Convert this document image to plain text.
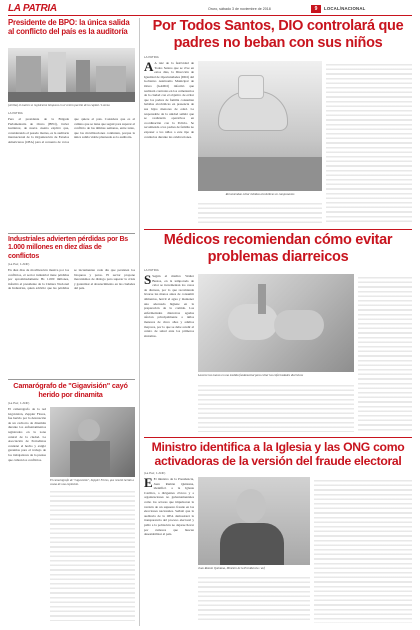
LA PATRIA	Oruro, sábado 3 de noviembre de 2018	9	LOCAL/NACIONAL
Presidente de BPO: la única salida al conflicto del país es la auditoría
(Arriba) el martes se registraron bloqueos en el centro paceño de la capital / Lorena
LA PATRIA
Pero el presidente de la Brigada Parlamentaria de Oruro (BPO), Javier Gutiérrez, de nueva cuenta explicó que, considerando el pasado martes, es la auditoría internacional de la Organización de Estados Americanos (OEA) para el recuento de votos que quiere el país. Considera que es el camino que se tiene que seguir para superar el conflicto de las últimas semanas, entre tanto, que las movilizaciones continúan, porque la única salida viable planteada es la auditoría.
Industriales advierten pérdidas por Bs 1.000 millones en diez días de conflictos
(La Paz, 1 ANF)
En diez días de movilización masiva por los conflictos, el sector industrial tiene pérdidas por aproximadamente Bs 1.000 millones, informó el presidente de la Cámara Nacional de Industrias, quien advirtió que las pérdidas se incrementan cada día que persisten los bloqueos y paros. El sector propone mecanismos de diálogo para superar la crisis y garantizar el abastecimiento en las ciudades del país.
Camarógrafo de "Gigavisión" cayó herido por dinamita
(La Paz, 1 ANF)
El camarógrafo de la red Gigavisión, Zeppler Flores, fue herido por la detonación de un cachorro de dinamita durante los enfrentamientos registrados en la zona central de la ciudad. La Asociación de Periodistas condenó el hecho y exigió garantías para el trabajo de los trabajadores de la prensa que cubren los conflictos.
El camarógrafo de "Gigavisión", Zeppler Flores, que resultó herido a causa de una explosión.
Por Todos Santos, DIO controlará que padres no beban con sus niños
LA PATRIA
A A raíz de la festividad de Todos Santos que se vive en estos días, la Dirección de Igualdad de Oportunidades (DIO) del Gobierno Autónomo Municipal de Oruro (GAMO) informó que realizará controles en los cementerios de la ciudad con el objetivo de evitar que los padres de familia consuman bebidas alcohólicas en presencia de sus hijos menores de edad. La responsable de la unidad señaló que se realizarán operativos en coordinación con la Policía. Se recomienda a los padres de familia no exponer a los niños a este tipo de conductas durante las celebraciones.
Recomiendan evitar bebidas alcohólicas en camposantos
Médicos recomiendan cómo evitar problemas diarreicos
LA PATRIA
S Según el médico Walter Bustos, en la temporada de calor se incrementan los casos de diarreas, por lo que recomienda lavarse las manos antes de consumir alimentos, hervir el agua y mantener una adecuada higiene en la preparación de la comida. Las enfermedades diarreicas agudas afectan principalmente a niños menores de cinco años y adultos mayores, por lo que se debe acudir al centro de salud ante los primeros síntomas.
Lavarse las manos es una medida fundamental para evitar las enfermedades diarreicas
Ministro identifica a la Iglesia y las ONG como activadoras de la versión del fraude electoral
(La Paz, 1 ANF)
E El ministro de la Presidencia, Juan Ramón Quintana, identificó a la Iglesia Católica, a dirigentes cívicos y a organizaciones no gubernamentales como los actores que impulsaron la versión de un supuesto fraude en las elecciones nacionales. Señaló que la auditoría de la OEA demostrará la transparencia del proceso electoral y pidió a la población no dejarse llevar por rumores que buscan desestabilizar al país.
Juan Ramón Quintana, Ministro de la Presidencia / anf
